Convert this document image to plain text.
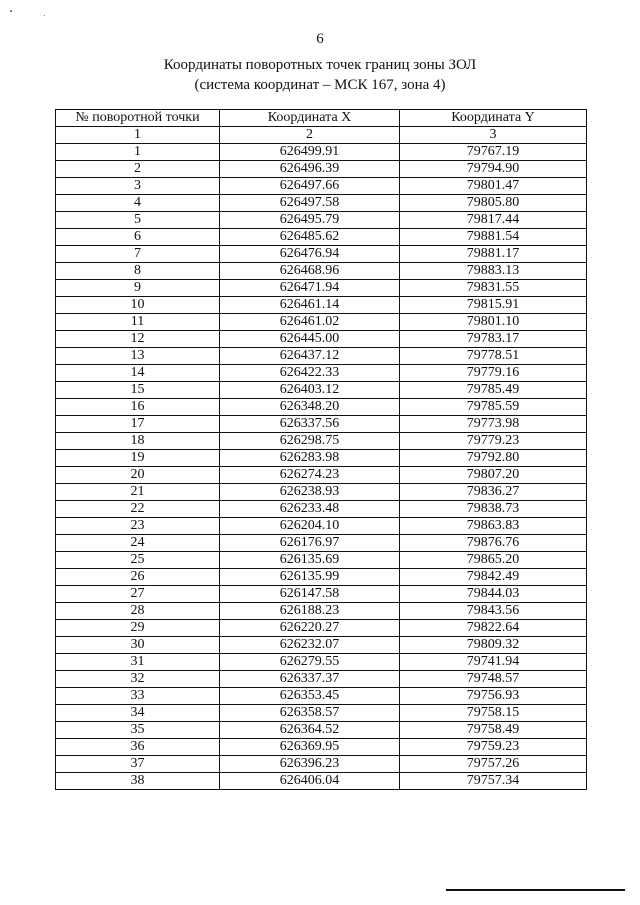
6
Координаты поворотных точек границ зоны ЗОЛ
(система координат – МСК 167, зона 4)
№ поворотной точки	Координата X	Координата Y
1	2	3
1	626499.91	79767.19
2	626496.39	79794.90
3	626497.66	79801.47
4	626497.58	79805.80
5	626495.79	79817.44
6	626485.62	79881.54
7	626476.94	79881.17
8	626468.96	79883.13
9	626471.94	79831.55
10	626461.14	79815.91
11	626461.02	79801.10
12	626445.00	79783.17
13	626437.12	79778.51
14	626422.33	79779.16
15	626403.12	79785.49
16	626348.20	79785.59
17	626337.56	79773.98
18	626298.75	79779.23
19	626283.98	79792.80
20	626274.23	79807.20
21	626238.93	79836.27
22	626233.48	79838.73
23	626204.10	79863.83
24	626176.97	79876.76
25	626135.69	79865.20
26	626135.99	79842.49
27	626147.58	79844.03
28	626188.23	79843.56
29	626220.27	79822.64
30	626232.07	79809.32
31	626279.55	79741.94
32	626337.37	79748.57
33	626353.45	79756.93
34	626358.57	79758.15
35	626364.52	79758.49
36	626369.95	79759.23
37	626396.23	79757.26
38	626406.04	79757.34
